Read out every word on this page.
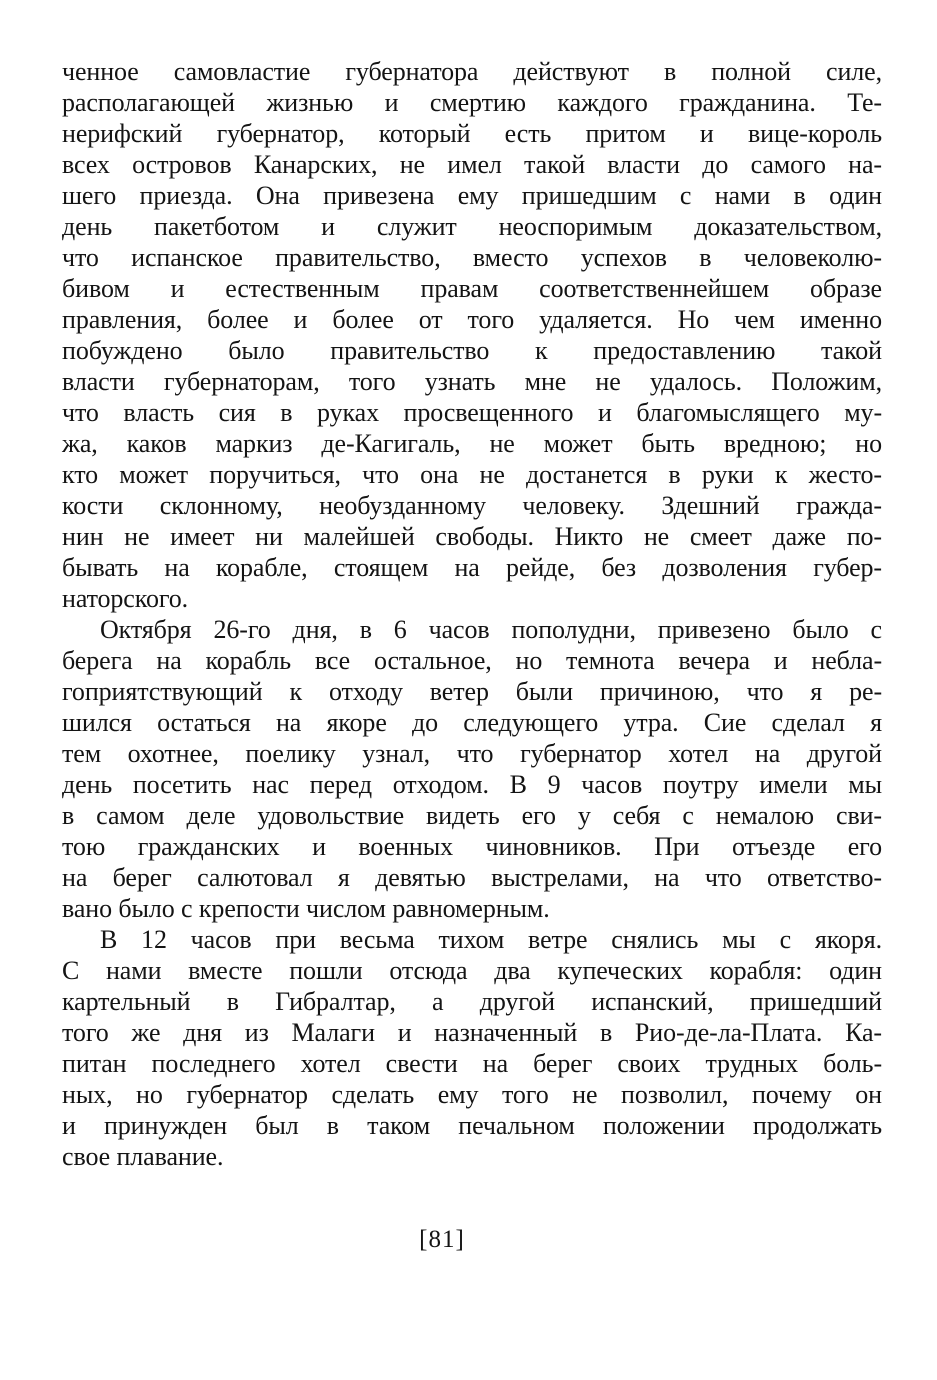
ченное самовластие губернатора действуют в полной силе,
располагающей жизнью и смертию каждого гражданина. Те-
нерифский губернатор, который есть притом и вице-король
всех островов Канарских, не имел такой власти до самого на-
шего приезда. Она привезена ему пришедшим с нами в один
день пакетботом и служит неоспоримым доказательством,
что испанское правительство, вместо успехов в человеколю-
бивом и естественным правам соответственнейшем образе
правления, более и более от того удаляется. Но чем именно
побуждено было правительство к предоставлению такой
власти губернаторам, того узнать мне не удалось. Положим,
что власть сия в руках просвещенного и благомыслящего му-
жа, каков маркиз де-Кагигаль, не может быть вредною; но
кто может поручиться, что она не достанется в руки к жесто-
кости склонному, необузданному человеку. Здешний гражда-
нин не имеет ни малейшей свободы. Никто не смеет даже по-
бывать на корабле, стоящем на рейде, без дозволения губер-
наторского.
Октября 26-го дня, в 6 часов пополудни, привезено было с
берега на корабль все остальное, но темнота вечера и небла-
гоприятствующий к отходу ветер были причиною, что я ре-
шился остаться на якоре до следующего утра. Сие сделал я
тем охотнее, поелику узнал, что губернатор хотел на другой
день посетить нас перед отходом. В 9 часов поутру имели мы
в самом деле удовольствие видеть его у себя с немалою сви-
тою гражданских и военных чиновников. При отъезде его
на берег салютовал я девятью выстрелами, на что ответство-
вано было с крепости числом равномерным.
В 12 часов при весьма тихом ветре снялись мы с якоря.
С нами вместе пошли отсюда два купеческих корабля: один
картельный в Гибралтар, а другой испанский, пришедший
того же дня из Малаги и назначенный в Рио-де-ла-Плата. Ка-
питан последнего хотел свести на берег своих трудных боль-
ных, но губернатор сделать ему того не позволил, почему он
и принужден был в таком печальном положении продолжать
свое плавание.
[81]
